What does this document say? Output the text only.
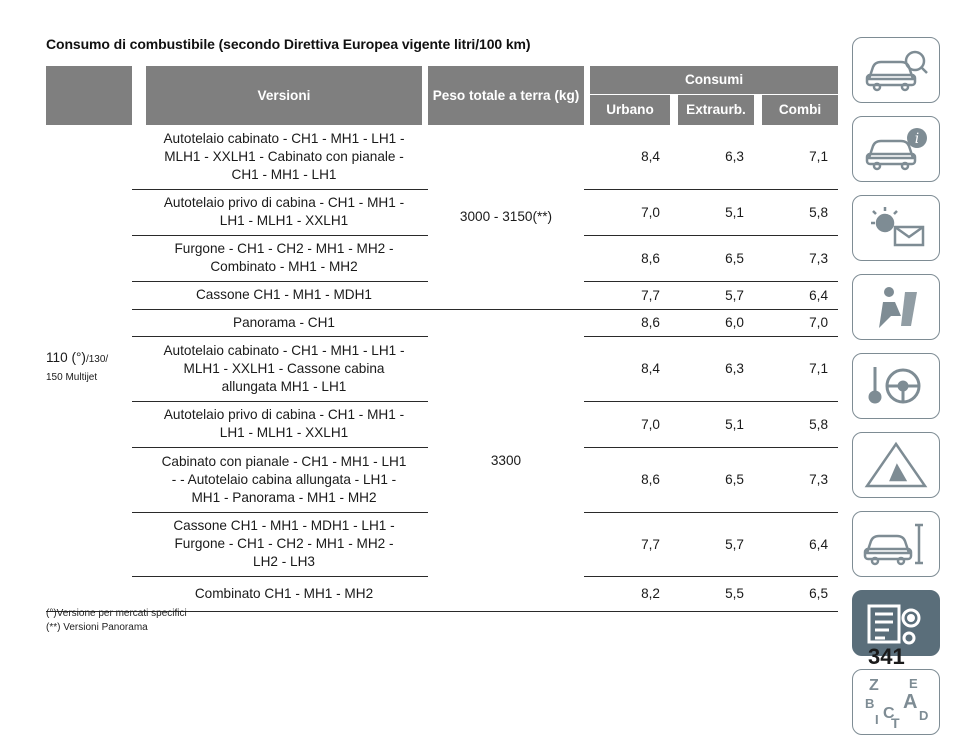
Consumo di combustibile (secondo Direttiva Europea vigente litri/100 km)
		Versioni		Peso totale a terra (kg)		Consumi				
						Urbano		Extraurb.		Combi
110 (°)/130/
150 Multijet		Autotelaio cabinato - CH1 - MH1 - LH1 -
MLH1 - XXLH1 - Cabinato con pianale -
CH1 - MH1 - LH1		3000 - 3150(**)		8,4		6,3		7,1
		Autotelaio privo di cabina - CH1 - MH1 -
LH1 - MLH1 - XXLH1				7,0		5,1		5,8
		Furgone - CH1 - CH2 - MH1 - MH2 -
Combinato - MH1 - MH2				8,6		6,5		7,3
		Cassone CH1 - MH1 - MDH1				7,7		5,7		6,4
		Panorama - CH1		3300		8,6		6,0		7,0
		Autotelaio cabinato - CH1 - MH1 - LH1 -
MLH1 - XXLH1 - Cassone cabina
allungata MH1 - LH1				8,4		6,3		7,1
		Autotelaio privo di cabina - CH1 - MH1 -
LH1 - MLH1 - XXLH1				7,0		5,1		5,8
		Cabinato con pianale - CH1 - MH1 - LH1
- - Autotelaio cabina allungata - LH1 -
MH1 - Panorama - MH1 - MH2				8,6		6,5		7,3
		Cassone CH1 - MH1 - MDH1 - LH1 -
Furgone - CH1 - CH2 - MH1 - MH2 -
LH2 - LH3				7,7		5,7		6,4
		Combinato CH1 - MH1 - MH2				8,2		5,5		6,5
(°)Versione per mercati specifici
(**) Versioni Panorama
i
Z E
B A
I C
T D
341
